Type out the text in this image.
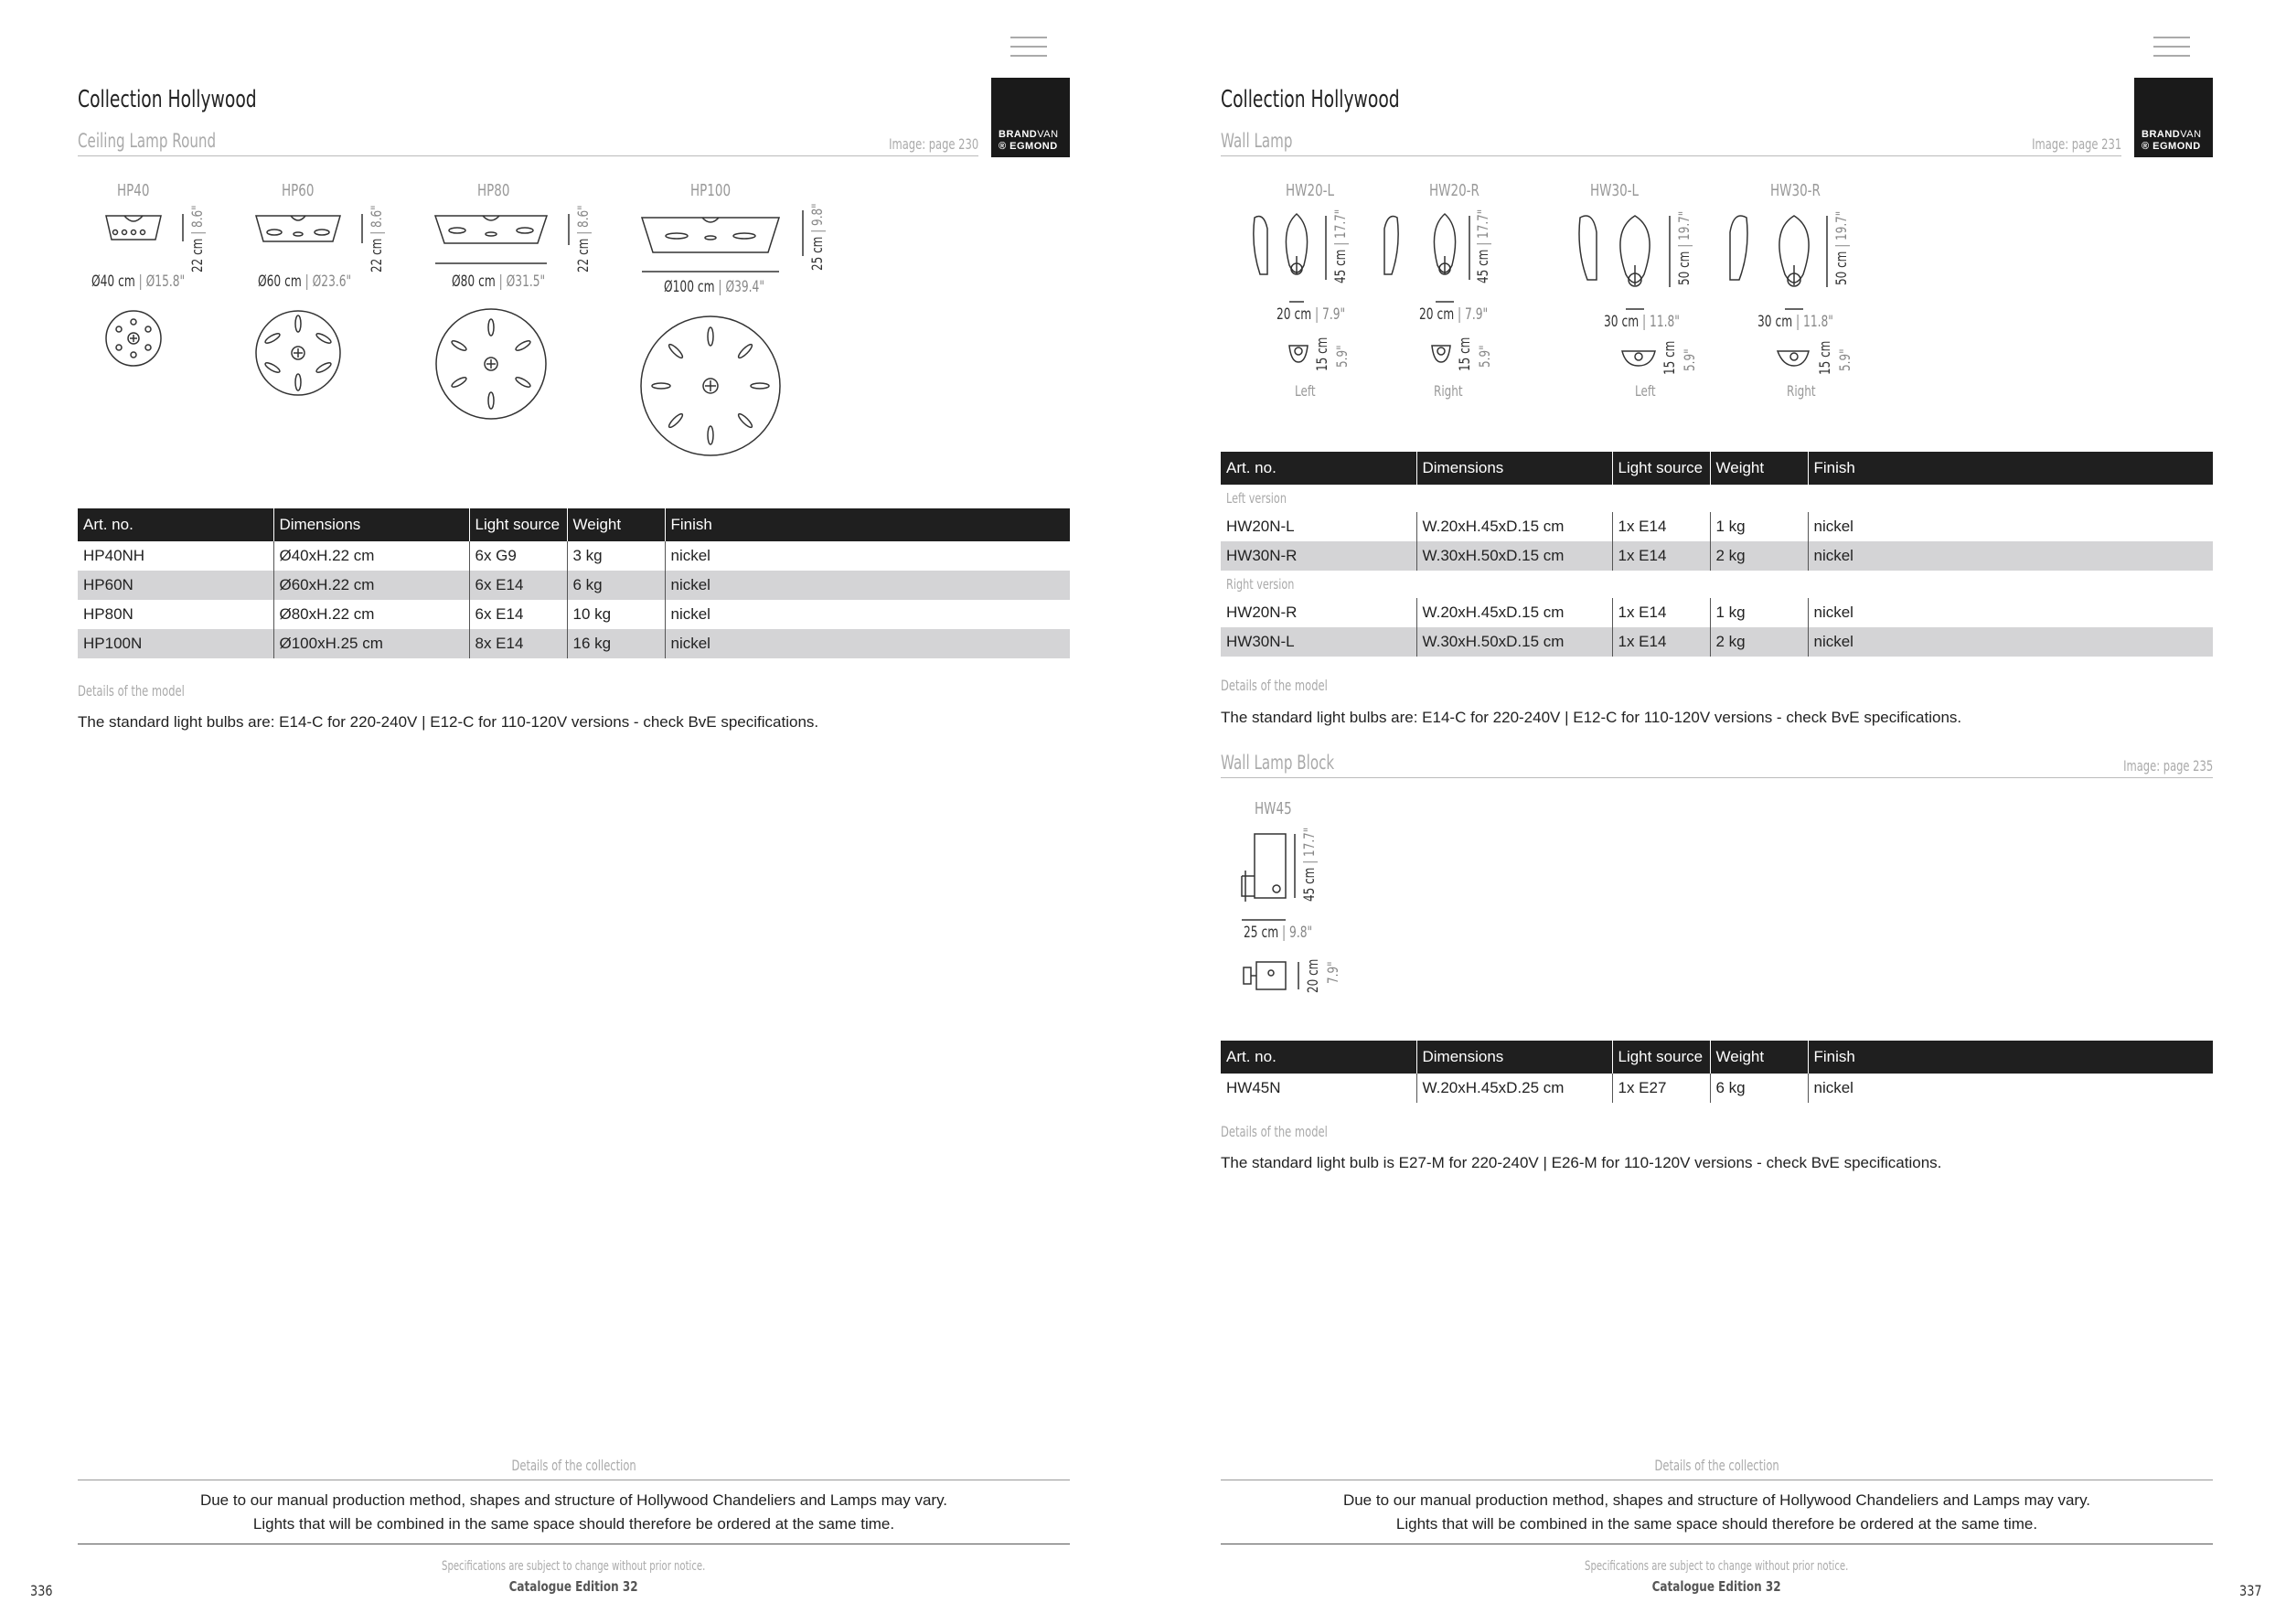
BRANDVAN
® EGMOND
Collection Hollywood
Ceiling Lamp Round	Image: page 230
HP40	HP60	HP80	HP100
22 cm | 8.6"
22 cm | 8.6"
22 cm | 8.6"
25 cm | 9.8"
Ø40 cm | Ø15.8"	Ø60 cm | Ø23.6"	Ø80 cm | Ø31.5"	Ø100 cm | Ø39.4"
Art. no.	Dimensions	Light source	Weight	Finish
HP40NH	Ø40xH.22 cm	6x G9	3 kg	nickel
HP60N	Ø60xH.22 cm	6x E14	6 kg	nickel
HP80N	Ø80xH.22 cm	6x E14	10 kg	nickel
HP100N	Ø100xH.25 cm	8x E14	16 kg	nickel
Details of the model
The standard light bulbs are: E14-C for 220-240V | E12-C for 110-120V versions - check BvE specifications.
Details of the collection
Due to our manual production method, shapes and structure of Hollywood Chandeliers and Lamps may vary.
Lights that will be combined in the same space should therefore be ordered at the same time.
Specifications are subject to change without prior notice.
Catalogue Edition 32
336
BRANDVAN
® EGMOND
Collection Hollywood
Wall Lamp	Image: page 231
HW20-L	HW20-R	HW30-L	HW30-R
45 cm | 17.7"
45 cm | 17.7"
50 cm | 19.7"
50 cm | 19.7"
20 cm | 7.9"	20 cm | 7.9"	30 cm | 11.8"	30 cm | 11.8"
15 cm 5.9"	15 cm 5.9"	15 cm 5.9"	15 cm 5.9"
Left	Right	Left	Right
Art. no.	Dimensions	Light source	Weight	Finish
Left version				
HW20N-L	W.20xH.45xD.15 cm	1x E14	1 kg	nickel
HW30N-R	W.30xH.50xD.15 cm	1x E14	2 kg	nickel
Right version				
HW20N-R	W.20xH.45xD.15 cm	1x E14	1 kg	nickel
HW30N-L	W.30xH.50xD.15 cm	1x E14	2 kg	nickel
Details of the model
The standard light bulbs are: E14-C for 220-240V | E12-C for 110-120V versions - check BvE specifications.
Wall Lamp Block	Image: page 235
HW45
45 cm | 17.7"
25 cm | 9.8"
20 cm 7.9"
Art. no.	Dimensions	Light source	Weight	Finish
HW45N	W.20xH.45xD.25 cm	1x E27	6 kg	nickel
Details of the model
The standard light bulb is E27-M for 220-240V | E26-M for 110-120V versions - check BvE specifications.
Details of the collection
Due to our manual production method, shapes and structure of Hollywood Chandeliers and Lamps may vary.
Lights that will be combined in the same space should therefore be ordered at the same time.
Specifications are subject to change without prior notice.
Catalogue Edition 32	337
